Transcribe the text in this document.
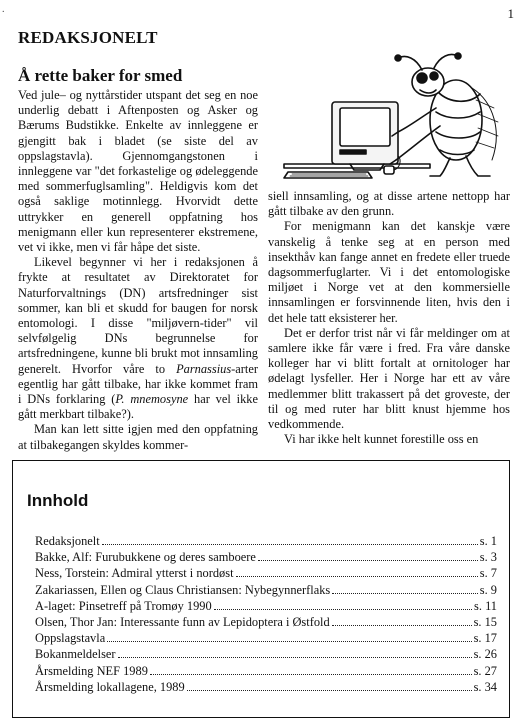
.	1
REDAKSJONELT
Å rette baker for smed

Ved jule– og nyttårstider utspant det seg en noe underlig debatt i Aftenposten og Asker og Bærums Budstikke. Enkelte av innleggene er gjengitt bak i bladet (se siste del av oppslagstavla). Gjennomgangstonen i innleggene var "det forkastelige og ødeleggende med sommerfuglsamling". Heldigvis kom det også saklige motinnlegg. Hvorvidt dette uttrykker en generell oppfatning hos menigmann eller kun representerer ekstremene, vet vi ikke, men vi får håpe det siste.

Likevel begynner vi her i redaksjonen å frykte at resultatet av Direktoratet for Naturforvaltnings (DN) artsfredninger sist sommer, kan bli et skudd for baugen for norsk entomologi. I disse "miljøvern-tider" vil selvfølgelig DNs begrunnelse for artsfredningene, kunne bli brukt mot innsamling generelt. Hvorfor våre to Parnassius-arter egentlig har gått tilbake, har ikke kommet fram i DNs forklaring (P. mnemosyne har vel ikke gått merkbart tilbake?).

Man kan lett sitte igjen med den oppfatning at tilbakegangen skyldes kommer-

siell innsamling, og at disse artene nettopp har gått tilbake av den grunn.

For menigmann kan det kanskje være vanskelig å tenke seg at en person med insekthåv kan fange annet en fredete eller truede dagsommerfuglarter. Vi i det entomologiske miljøet i Norge vet at den kommersielle innsamlingen er forsvinnende liten, hvis den i det hele tatt eksisterer her.

Det er derfor trist når vi får meldinger om at samlere ikke får være i fred. Fra våre danske kolleger har vi blitt fortalt at ornitologer har ødelagt lysfeller. Her i Norge har ett av våre medlemmer blitt trakassert på det groveste, der til og med ruter har blitt knust hjemme hos vedkommende.

Vi har ikke helt kunnet forestille oss en

Innhold
Redaksjonelt	s. 1
Bakke, Alf: Furubukkene og deres samboere	s. 3
Ness, Torstein: Admiral ytterst i nordøst	s. 7
Zakariassen, Ellen og Claus Christiansen: Nybegynnerflaks	s. 9
A-laget: Pinsetreff på Tromøy 1990	s. 11
Olsen, Thor Jan: Interessante funn av Lepidoptera i Østfold	s. 15
Oppslagstavla	s. 17
Bokanmeldelser	s. 26
Årsmelding NEF 1989	s. 27
Årsmelding lokallagene, 1989	s. 34
